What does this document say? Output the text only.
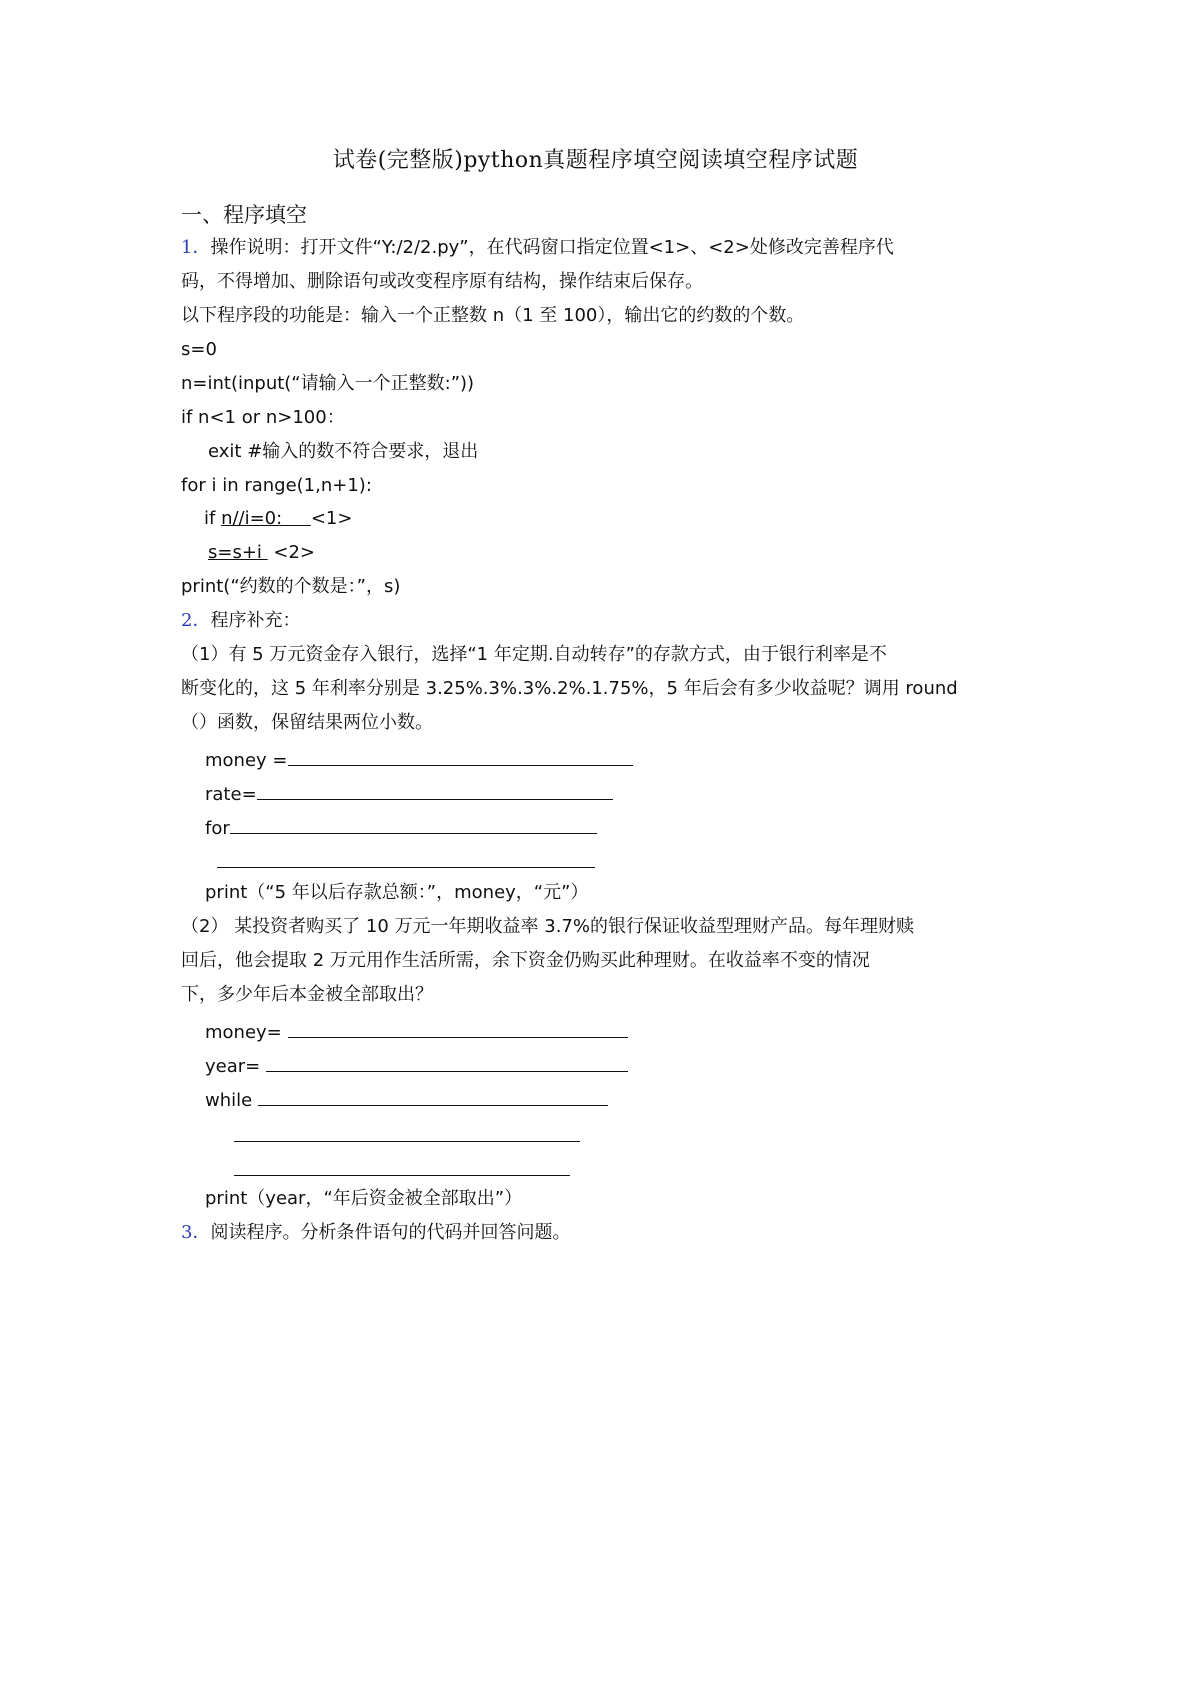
试卷(完整版)python真题程序填空阅读填空程序试题
一、程序填空
1．操作说明：打开文件“Y:/2/2.py”，在代码窗口指定位置<1>、<2>处修改完善程序代
码，不得增加、删除语句或改变程序原有结构，操作结束后保存。
以下程序段的功能是：输入一个正整数 n（1 至 100），输出它的约数的个数。
s=0
n=int(input(“请输入一个正整数:”))
if n<1 or n>100：
exit #输入的数不符合要求，退出
for i in range(1,n+1):
if n//i=0:     <1>
s=s+i  <2>
print(“约数的个数是：”，s)
2．程序补充：
（1）有 5 万元资金存入银行，选择“1 年定期.自动转存”的存款方式，由于银行利率是不
断变化的，这 5 年利率分别是 3.25%.3%.3%.2%.1.75%，5 年后会有多少收益呢？调用 round
（）函数，保留结果两位小数。
money =
rate=
for
print（“5 年以后存款总额：”，money，“元”）
（2） 某投资者购买了 10 万元一年期收益率 3.7%的银行保证收益型理财产品。每年理财赎
回后，他会提取 2 万元用作生活所需，余下资金仍购买此种理财。在收益率不变的情况
下，多少年后本金被全部取出？
money=
year=
while
print（year，“年后资金被全部取出”）
3．阅读程序。分析条件语句的代码并回答问题。
